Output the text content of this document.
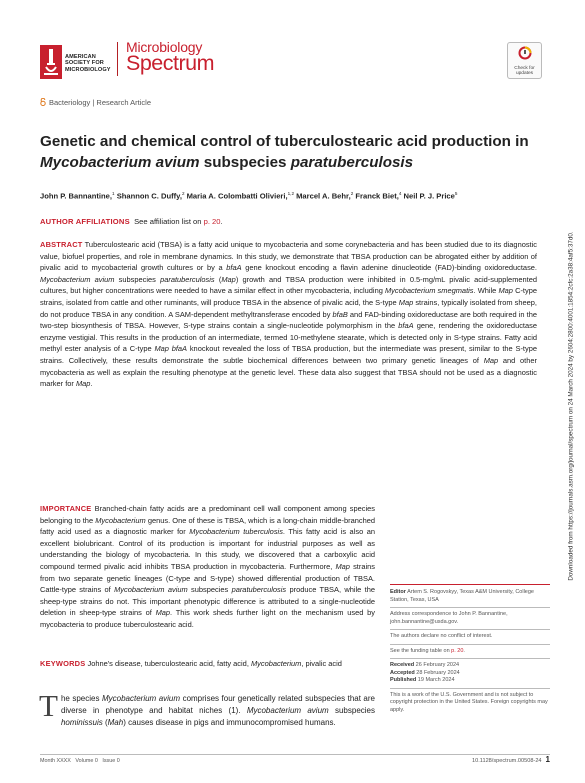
AMERICAN
SOCIETY FOR
MICROBIOLOGY
Microbiology
Spectrum	Check for
updates
Bacteriology | Research Article
Genetic and chemical control of tuberculostearic acid production in Mycobacterium avium subspecies paratuberculosis
John P. Bannantine,$^1$ Shannon C. Duffy,$^2$ Maria A. Colombatti Olivieri,$^{1,2}$ Marcel A. Behr,$^2$ Franck Biet,$^4$ Neil P. J. Price$^5$
AUTHOR AFFILIATIONS See affiliation list on p. 20.
ABSTRACT Tuberculostearic acid (TBSA) is a fatty acid unique to mycobacteria and some corynebacteria and has been studied due to its diagnostic value, biofuel properties, and role in membrane dynamics. In this study, we demonstrate that TBSA production can be abrogated either by addition of pivalic acid to mycobacterial growth cultures or by a bfaA gene knockout encoding a flavin adenine dinucleotide (FAD)-binding oxidoreductase. Mycobacterium avium subspecies paratuberculosis (Map) growth and TBSA production were inhibited in 0.5-mg/mL pivalic acid-supplemented cultures, but higher concentrations were needed to have a similar effect in other mycobacteria, including Mycobacterium smegmatis. While Map C-type strains, isolated from cattle and other ruminants, will produce TBSA in the absence of pivalic acid, the S-type Map strains, typically isolated from sheep, do not produce TBSA in any condition. A SAM-dependent methyltransferase encoded by bfaB and FAD-binding oxidoreductase are both required in the two-step biosynthesis of TBSA. However, S-type strains contain a single-nucleotide polymorphism in the bfaA gene, rendering the oxidoreductase enzyme vestigial. This results in the production of an intermediate, termed 10-methylene stearate, which is detected only in S-type strains. Fatty acid methyl ester analysis of a C-type Map bfaA knockout revealed the loss of TBSA production, but the intermediate was present, similar to the S-type strains. Collectively, these results demonstrate the subtle biochemical differences between two primary genetic lineages of Map and other mycobacteria as well as explain the resulting phenotype at the genetic level. These data also suggest that TBSA should not be used as a diagnostic marker for Map.
IMPORTANCE Branched-chain fatty acids are a predominant cell wall component among species belonging to the Mycobacterium genus. One of these is TBSA, which is a long-chain middle-branched fatty acid used as a diagnostic marker for Mycobacterium tuberculosis. This fatty acid is also an excellent biolubricant. Control of its production is important for industrial purposes as well as understanding the biology of mycobacteria. In this study, we discovered that a carboxylic acid compound termed pivalic acid inhibits TBSA production in mycobacteria. Furthermore, Map strains from two separate genetic lineages (C-type and S-type) showed differential production of TBSA. Cattle-type strains of Mycobacterium avium subspecies paratuberculosis produce TBSA, while the sheep-type strains do not. This important phenotypic difference is attributed to a single-nucleotide deletion in sheep-type strains of Map. This work sheds further light on the mechanism used by mycobacteria to produce tuberculostearic acid.
KEYWORDS Johne's disease, tuberculostearic acid, fatty acid, Mycobacterium, pivalic acid
The species Mycobacterium avium comprises four genetically related subspecies that are diverse in phenotype and habitat niches (1). Mycobacterium avium subspecies hominissuis (Mah) causes disease in pigs and immunocompromised humans.
Editor Artem S. Rogovskyy, Texas A&M University, College Station, Texas, USA
Address correspondence to John P. Bannantine, john.bannantine@usda.gov.
The authors declare no conflict of interest.
See the funding table on p. 20.
Received 26 February 2024
Accepted 28 February 2024
Published 19 March 2024
This is a work of the U.S. Government and is not subject to copyright protection in the United States. Foreign copyrights may apply.
Downloaded from https://journals.asm.org/journal/spectrum on 24 March 2024 by 2604:2800:4001:1854:2cfc:2a38:4af5:37d0.
Month XXXX   Volume 0   Issue 0	10.1128/spectrum.00508-24 1
